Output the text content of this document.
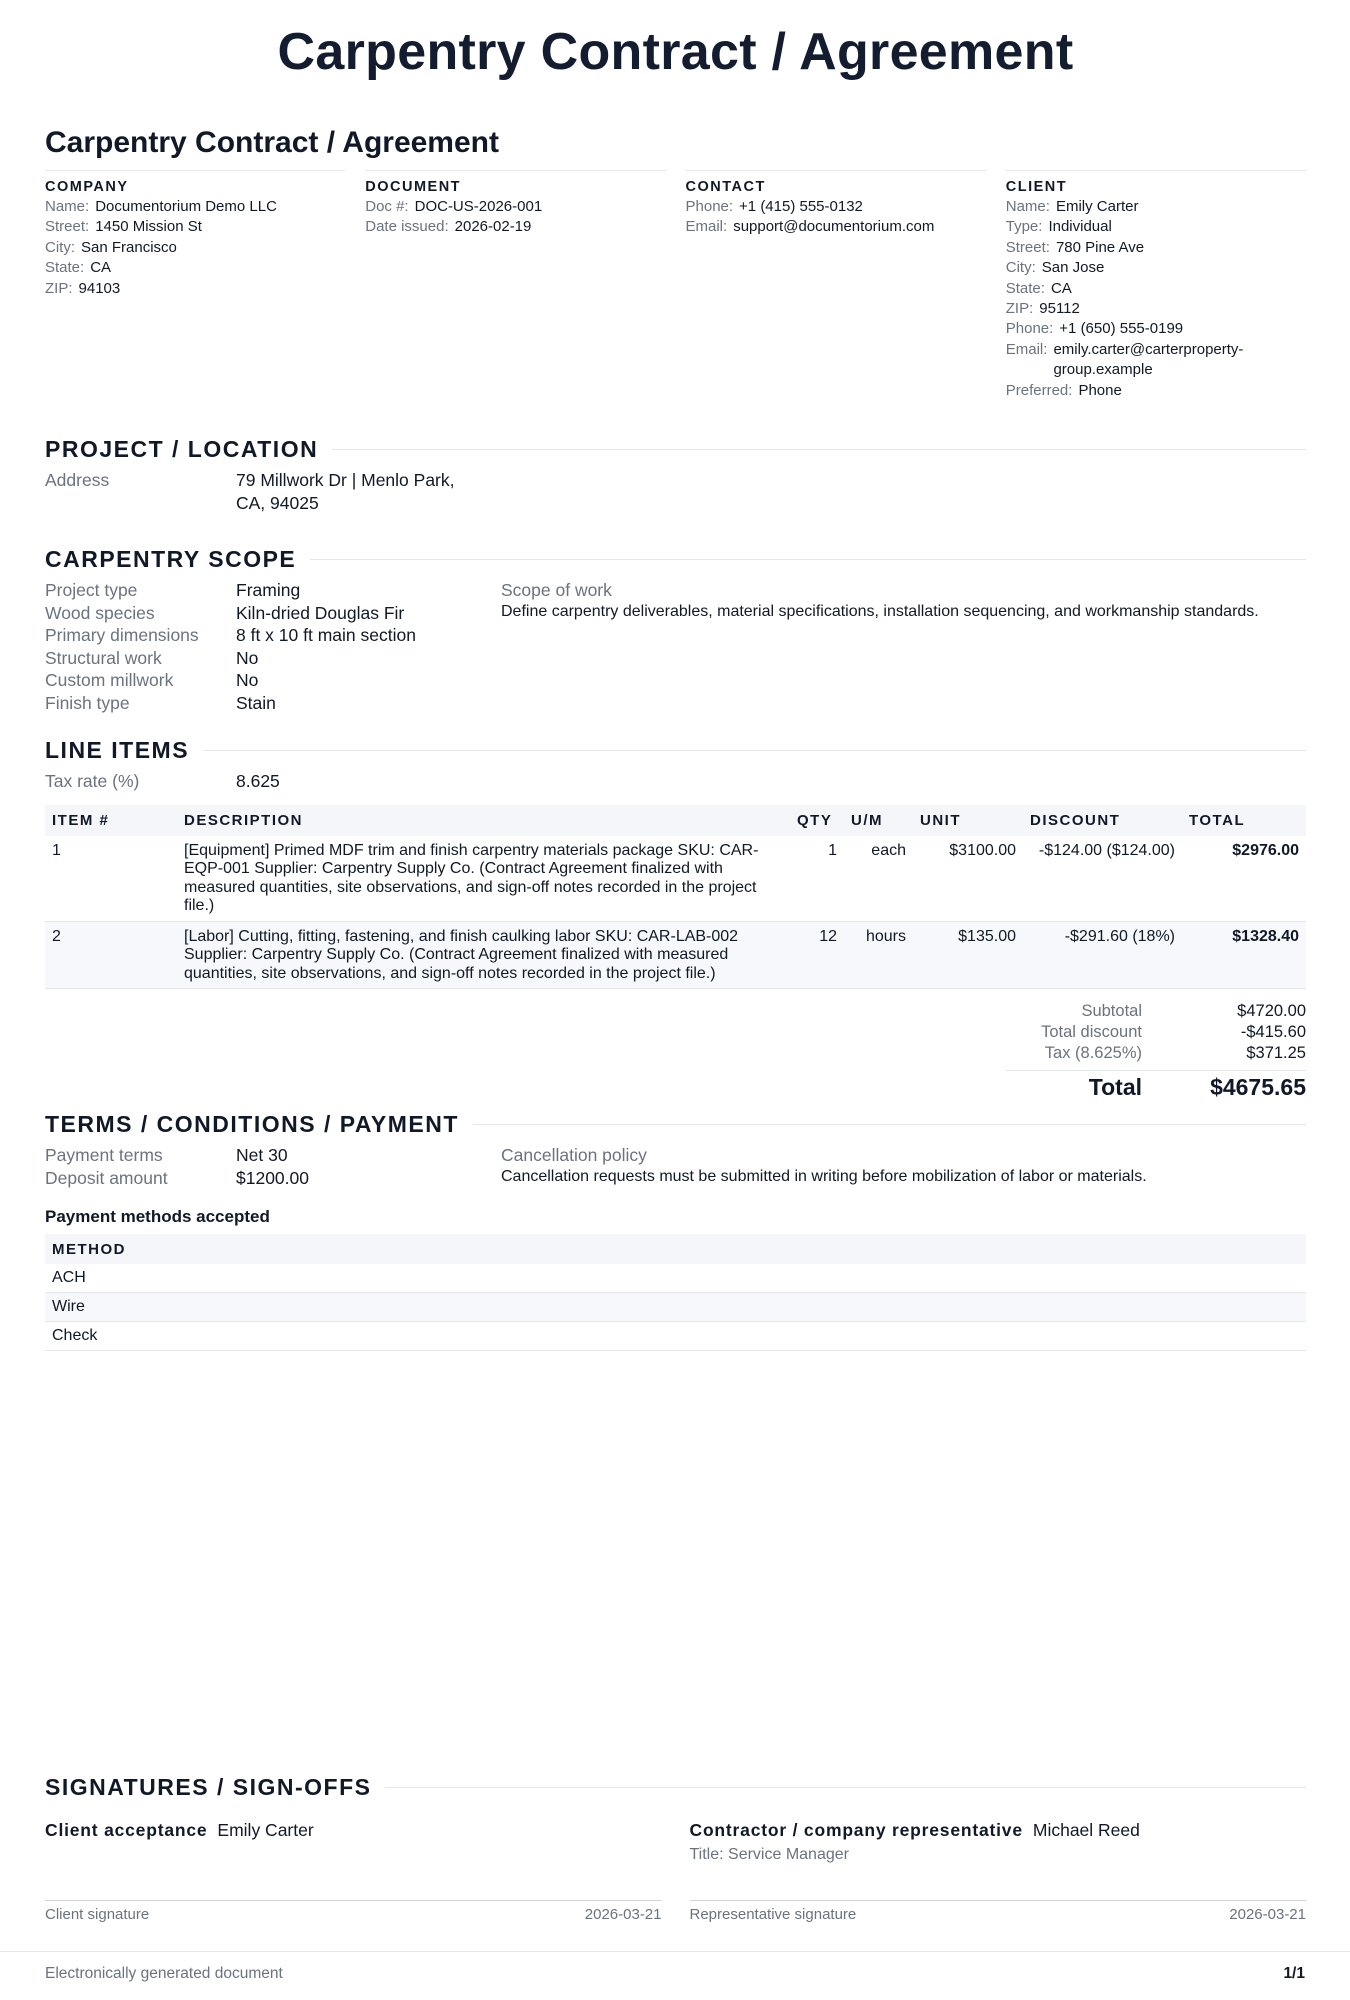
Carpentry Contract / Agreement
Carpentry Contract / Agreement
COMPANY
Name: Documentorium Demo LLC
Street: 1450 Mission St
City: San Francisco
State: CA
ZIP: 94103
DOCUMENT
Doc #: DOC-US-2026-001
Date issued: 2026-02-19
CONTACT
Phone: +1 (415) 555-0132
Email: support@documentorium.com
CLIENT
Name: Emily Carter
Type: Individual
Street: 780 Pine Ave
City: San Jose
State: CA
ZIP: 95112
Phone: +1 (650) 555-0199
Email: emily.carter@carterproperty-group.example
Preferred: Phone
PROJECT / LOCATION
Address	79 Millwork Dr | Menlo Park,
CA, 94025
CARPENTRY SCOPE
Project type	Framing
Wood species	Kiln-dried Douglas Fir
Primary dimensions	8 ft x 10 ft main section
Structural work	No
Custom millwork	No
Finish type	Stain
Scope of work
Define carpentry deliverables, material specifications, installation sequencing, and workmanship standards.
LINE ITEMS
Tax rate (%)	8.625
ITEM #	DESCRIPTION	QTY	U/M	UNIT	DISCOUNT	TOTAL
1	[Equipment] Primed MDF trim and finish carpentry materials package SKU: CAR-EQP-001 Supplier: Carpentry Supply Co. (Contract Agreement finalized with measured quantities, site observations, and sign-off notes recorded in the project file.)	1	each	$3100.00	-$124.00 ($124.00)	$2976.00
2	[Labor] Cutting, fitting, fastening, and finish caulking labor SKU: CAR-LAB-002 Supplier: Carpentry Supply Co. (Contract Agreement finalized with measured quantities, site observations, and sign-off notes recorded in the project file.)	12	hours	$135.00	-$291.60 (18%)	$1328.40
Subtotal	$4720.00
Total discount	-$415.60
Tax (8.625%)	$371.25
Total	$4675.65
TERMS / CONDITIONS / PAYMENT
Payment terms	Net 30
Deposit amount	$1200.00
Cancellation policy
Cancellation requests must be submitted in writing before mobilization of labor or materials.
Payment methods accepted
METHOD
ACH
Wire
Check
SIGNATURES / SIGN-OFFS
Client acceptance Emily Carter
Client signature	2026-03-21
Contractor / company representative Michael Reed
Title: Service Manager
Representative signature	2026-03-21
Electronically generated document	1/1
